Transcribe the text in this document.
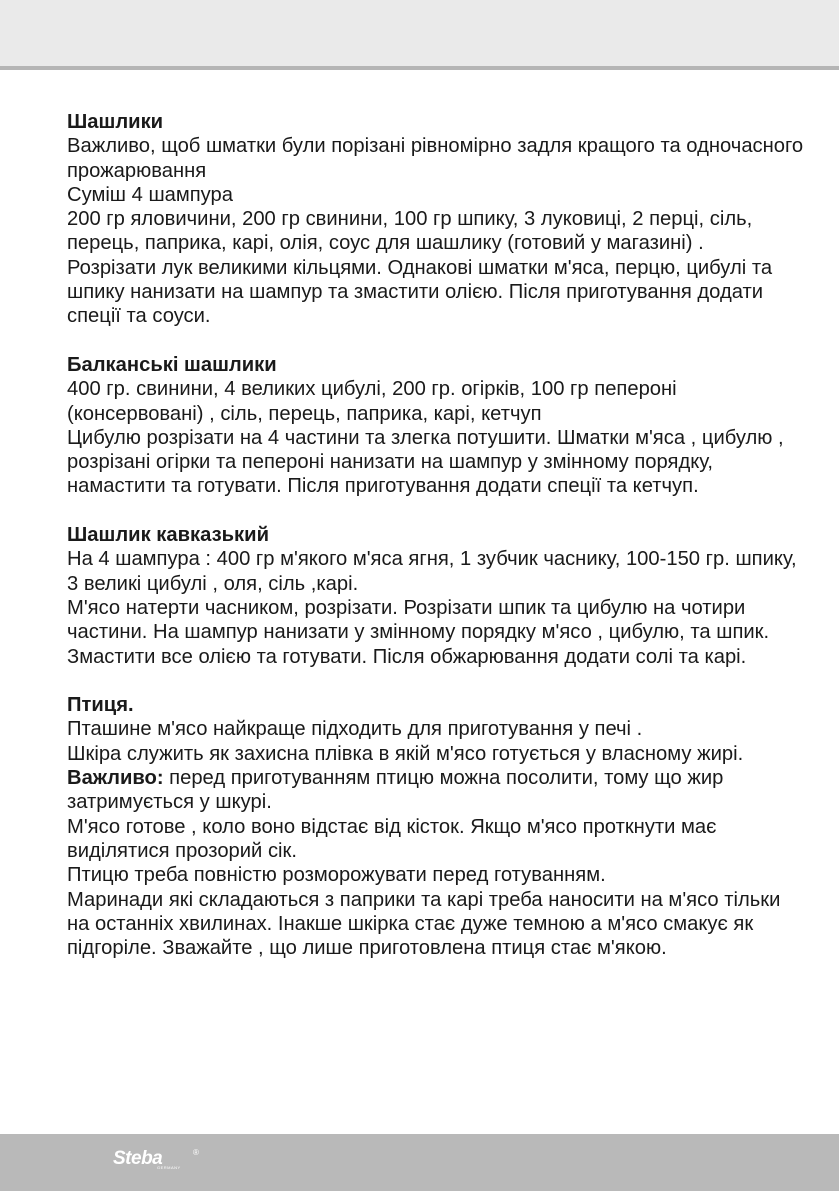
Шашлики

Важливо, щоб шматки були порізані рівномірно задля кращого та одночасного прожарювання

Суміш 4 шампура

200 гр яловичини, 200 гр свинини, 100 гр шпику, 3 луковиці, 2 перці, сіль, перець, паприка, карі, олія, соус для шашлику (готовий у магазині) .

Розрізати лук великими кільцями. Однакові шматки м'яса, перцю, цибулі та шпику нанизати на шампур та змастити олією. Після приготування додати спеції та соуси.

Балканські шашлики

400 гр. свинини, 4 великих цибулі, 200 гр. огірків, 100 гр пепероні (консервовані) , сіль, перець, паприка, карі, кетчуп

Цибулю розрізати на 4 частини та злегка потушити. Шматки м'яса , цибулю , розрізані огірки та пепероні нанизати на шампур у змінному порядку, намастити та готувати. Після приготування додати спеції та кетчуп.

Шашлик кавказький

На 4 шампура : 400 гр м'якого м'яса ягня, 1 зубчик часнику, 100-150 гр. шпику, 3 великі цибулі , оля, сіль ,карі.

М'ясо натерти часником, розрізати. Розрізати шпик та цибулю на чотири частини. На шампур нанизати у змінному порядку м'ясо , цибулю, та шпик. Змастити все олією та готувати. Після обжарювання додати солі та карі.

Птиця.

Пташине м'ясо найкраще підходить для приготування у печі .

Шкіра служить як захисна плівка в якій м'ясо готується у власному жирі.

Важливо: перед приготуванням птицю можна посолити, тому що жир затримується у шкурі.

М'ясо готове , коло воно відстає від кісток. Якщо м'ясо проткнути має виділятися прозорий сік.

Птицю треба повністю розморожувати перед готуванням.

Маринади які складаються з паприки та карі треба наносити на м'ясо тільки на останніх хвилинах. Інакше шкірка стає дуже темною а м'ясо смакує як підгоріле. Зважайте , що лише приготовлена птиця стає м'якою.

Steba	®
GERMANY
